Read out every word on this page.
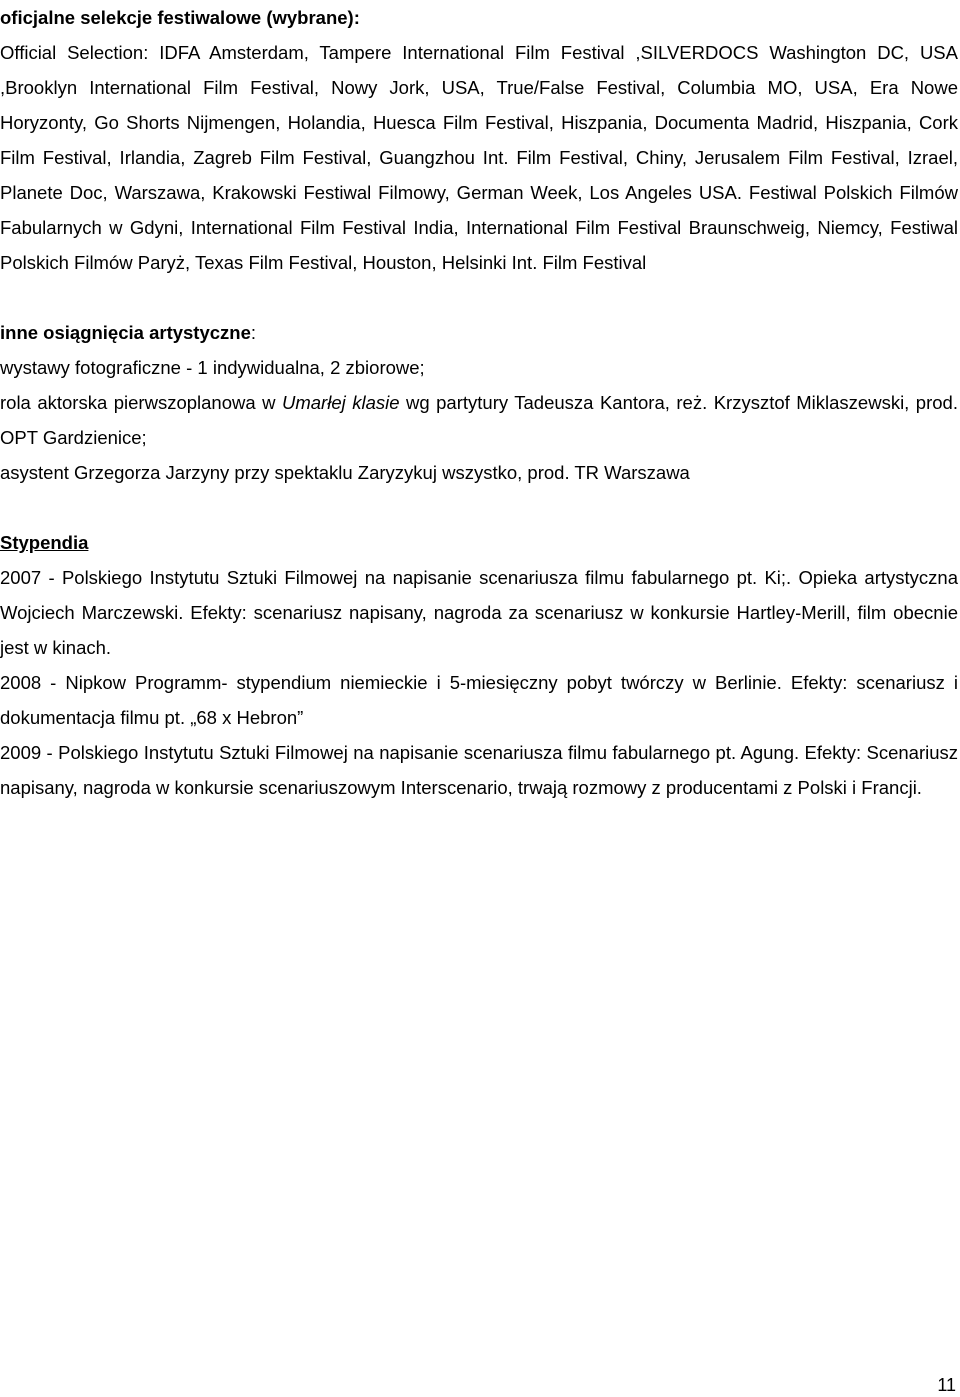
oficjalne selekcje festiwalowe (wybrane):

Official Selection: IDFA Amsterdam, Tampere International Film Festival ,SILVERDOCS Washington DC, USA ,Brooklyn International Film Festival, Nowy Jork, USA, True/False Festival, Columbia MO, USA, Era Nowe Horyzonty, Go Shorts Nijmengen, Holandia, Huesca Film Festival, Hiszpania, Documenta Madrid, Hiszpania, Cork Film Festival, Irlandia, Zagreb Film Festival, Guangzhou Int. Film Festival, Chiny, Jerusalem Film Festival, Izrael, Planete Doc, Warszawa, Krakowski Festiwal Filmowy, German Week, Los Angeles USA. Festiwal Polskich Filmów Fabularnych w Gdyni, International Film Festival India, International Film Festival Braunschweig, Niemcy, Festiwal Polskich Filmów Paryż, Texas Film Festival, Houston, Helsinki Int. Film Festival

inne osiągnięcia artystyczne:

wystawy fotograficzne - 1 indywidualna, 2 zbiorowe;

rola aktorska pierwszoplanowa w Umarłej klasie wg partytury Tadeusza Kantora, reż. Krzysztof Miklaszewski, prod. OPT Gardzienice;

asystent Grzegorza Jarzyny przy spektaklu Zaryzykuj wszystko, prod. TR Warszawa

Stypendia

2007 - Polskiego Instytutu Sztuki Filmowej na napisanie scenariusza filmu fabularnego pt. Ki;. Opieka artystyczna Wojciech Marczewski. Efekty: scenariusz napisany, nagroda za scenariusz w konkursie Hartley-Merill, film obecnie jest w kinach.

2008 - Nipkow Programm- stypendium niemieckie i 5-miesięczny pobyt twórczy w Berlinie. Efekty: scenariusz i dokumentacja filmu pt. „68 x Hebron”

2009 - Polskiego Instytutu Sztuki Filmowej na napisanie scenariusza filmu fabularnego pt. Agung. Efekty: Scenariusz napisany, nagroda w konkursie scenariuszowym Interscenario, trwają rozmowy z producentami z Polski i Francji.

11
